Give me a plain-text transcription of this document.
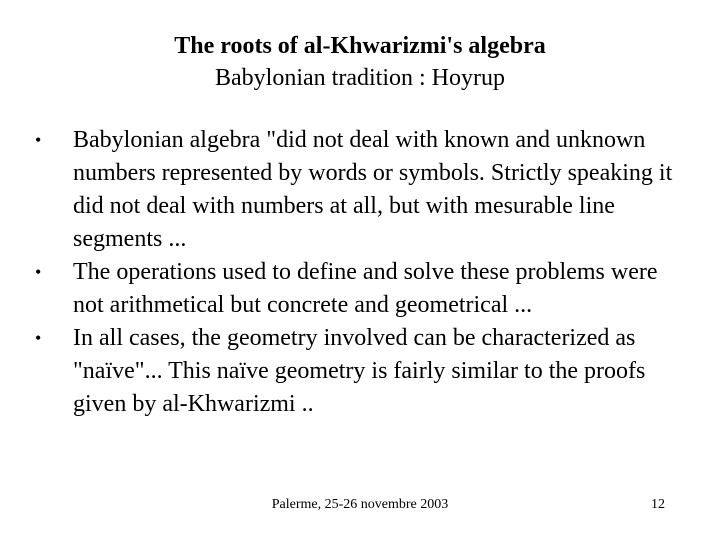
The roots of al-Khwarizmi's algebra

Babylonian tradition : Hoyrup

• Babylonian algebra "did not deal with known and unknown numbers represented by words or symbols. Strictly speaking it did not deal with numbers at all, but with mesurable line segments ...
• The operations used to define and solve these problems were not arithmetical but concrete and geometrical ...
• In all cases, the geometry involved can be characterized as "naïve"... This naïve geometry is fairly similar to the proofs given by al-Khwarizmi ..
Palerme, 25-26 novembre 2003	12
